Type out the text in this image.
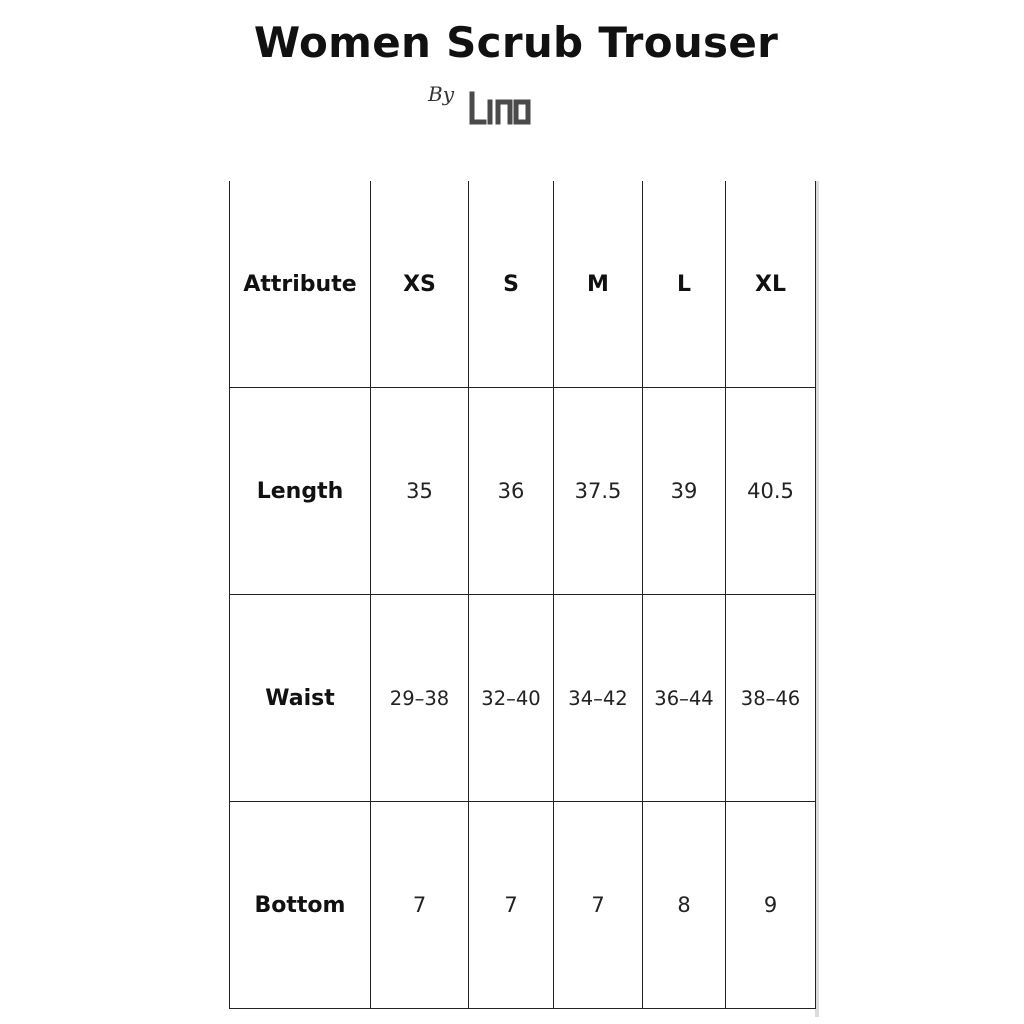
Women Scrub Trouser
By
Attribute	XS	S	M	L	XL
Length	35	36	37.5	39	40.5
Waist	29–38	32–40	34–42	36–44	38–46
Bottom	7	7	7	8	9
